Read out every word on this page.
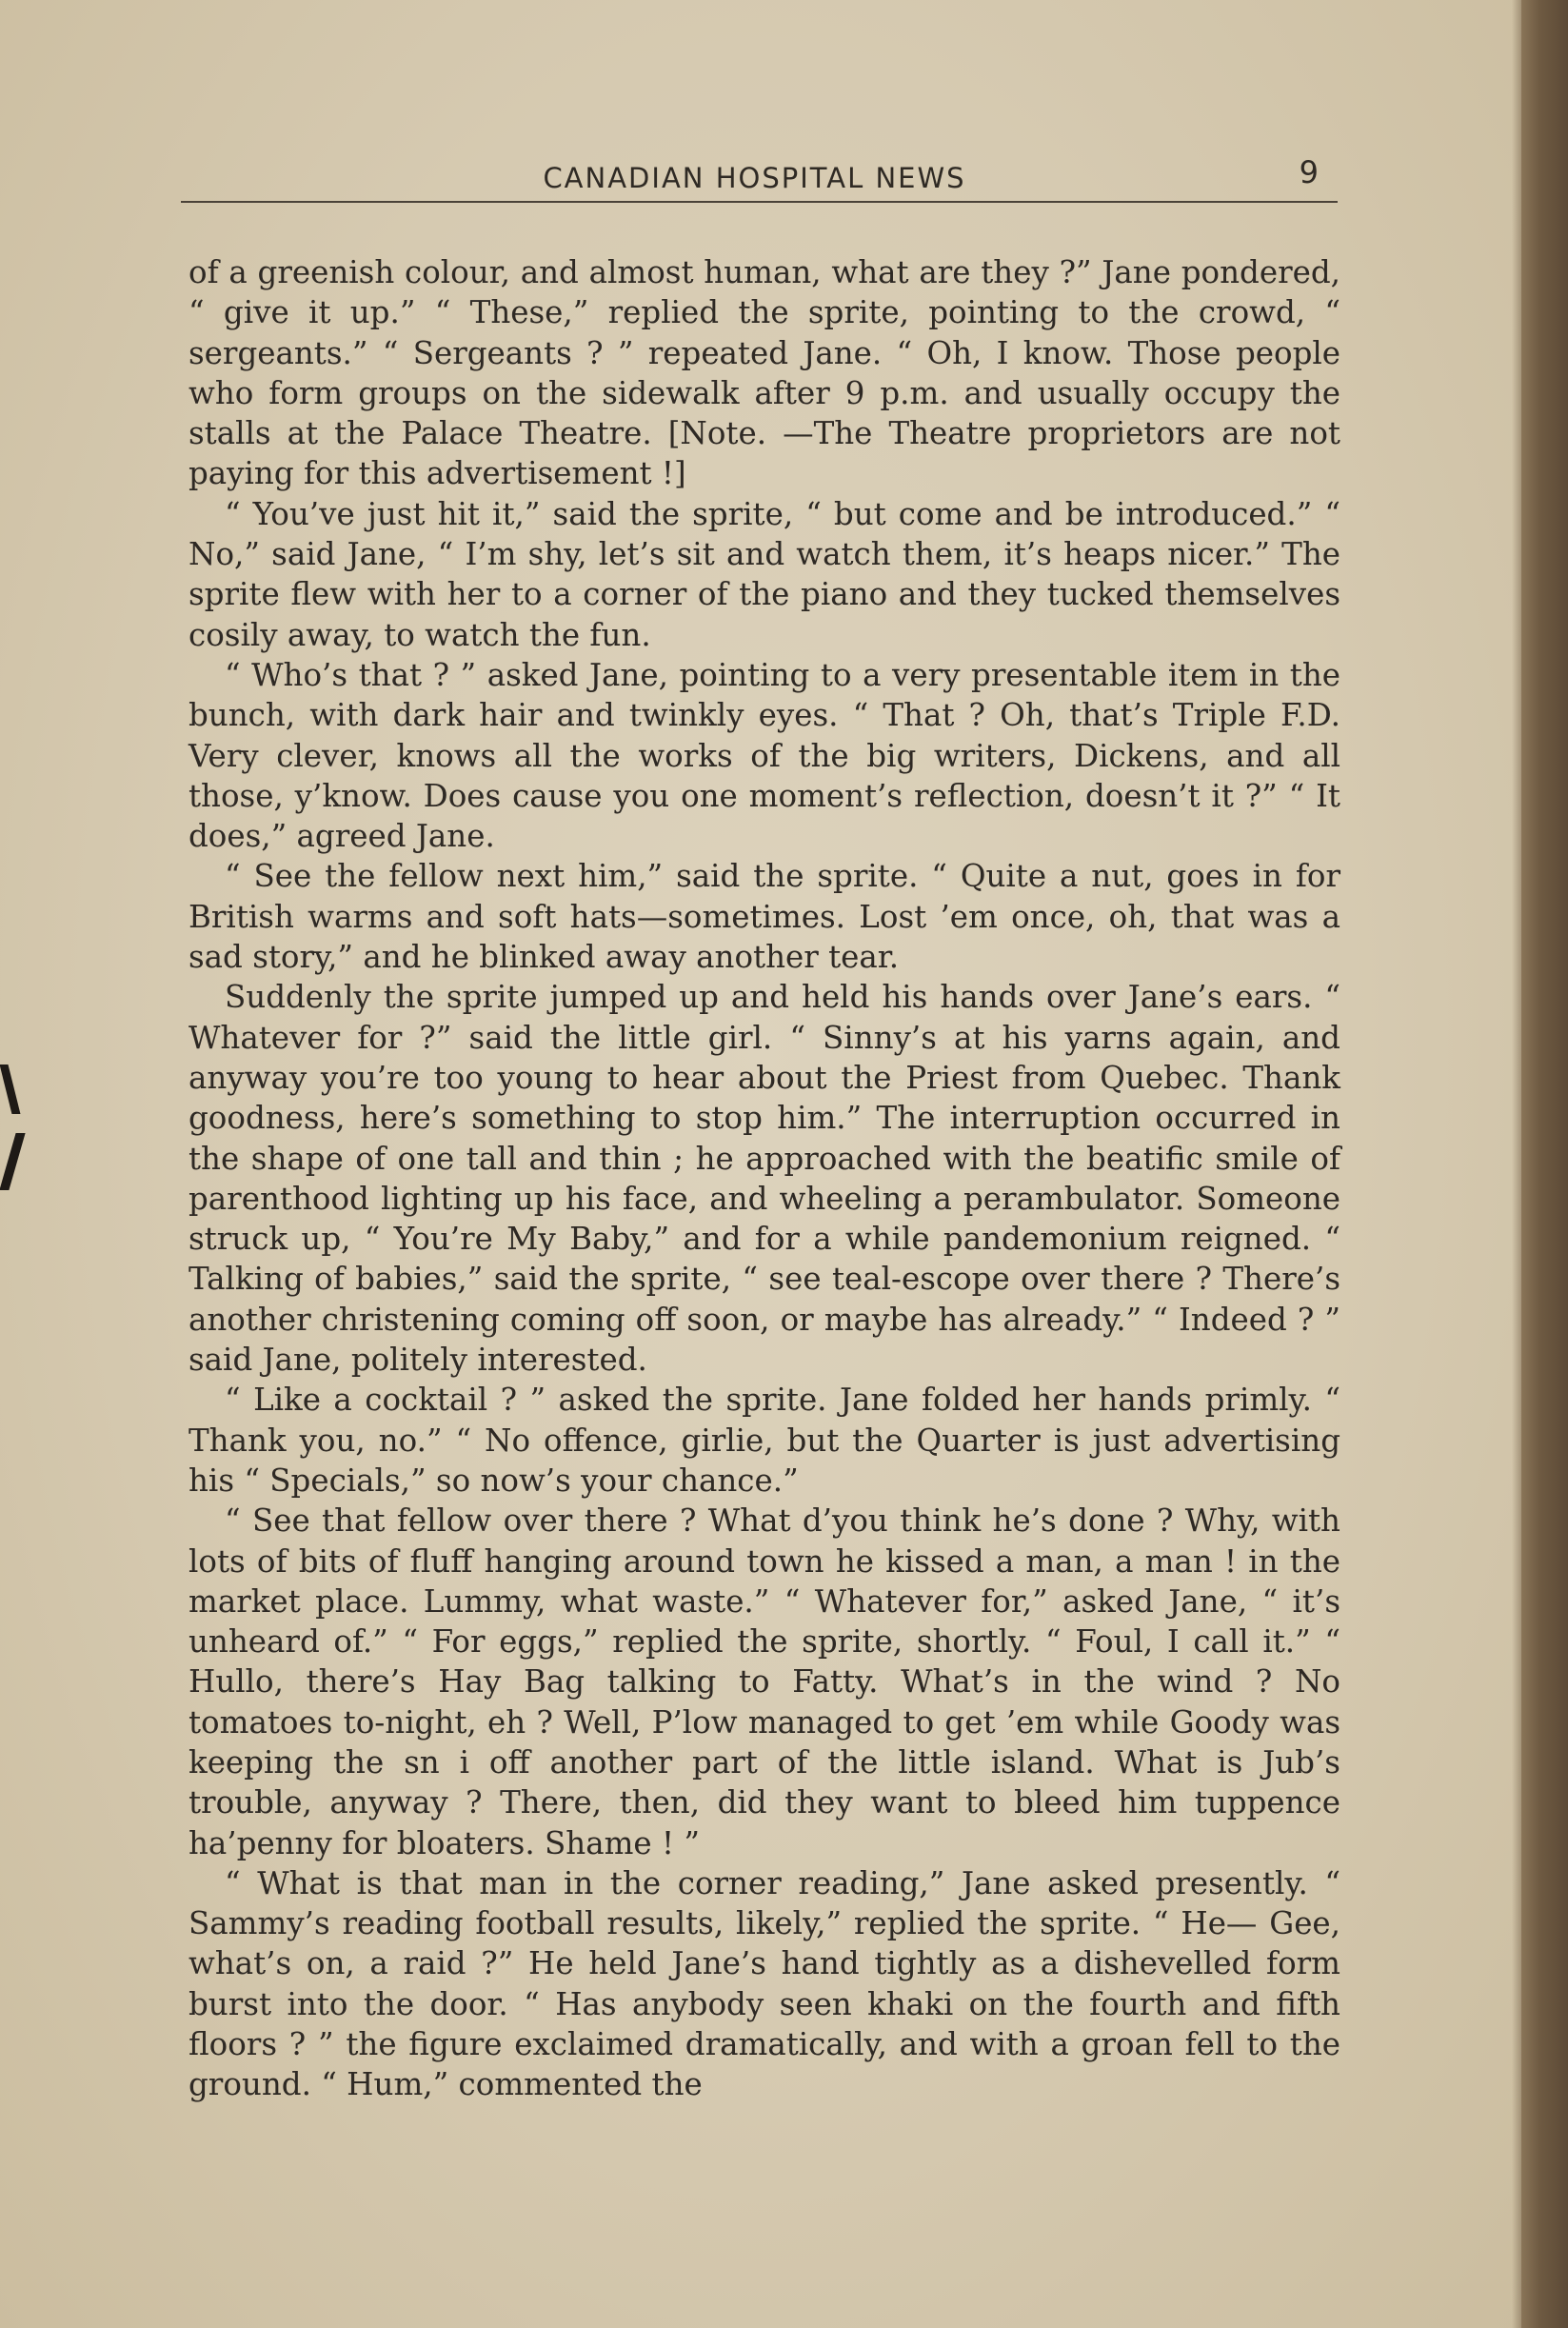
CANADIAN HOSPITAL NEWS	9

of a greenish colour, and almost human, what are they ?” Jane pondered, “ give it up.” “ These,” replied the sprite, pointing to the crowd, “ sergeants.” “ Sergeants ? ” repeated Jane. “ Oh, I know. Those people who form groups on the sidewalk after 9 p.m. and usually occupy the stalls at the Palace Theatre. [Note. —The Theatre proprietors are not paying for this advertisement !]

“ You’ve just hit it,” said the sprite, “ but come and be introduced.” “ No,” said Jane, “ I’m shy, let’s sit and watch them, it’s heaps nicer.” The sprite flew with her to a corner of the piano and they tucked themselves cosily away, to watch the fun.

“ Who’s that ? ” asked Jane, pointing to a very presentable item in the bunch, with dark hair and twinkly eyes. “ That ? Oh, that’s Triple F.D. Very clever, knows all the works of the big writers, Dickens, and all those, y’know. Does cause you one moment’s reflection, doesn’t it ?” “ It does,” agreed Jane.

“ See the fellow next him,” said the sprite. “ Quite a nut, goes in for British warms and soft hats—sometimes. Lost ’em once, oh, that was a sad story,” and he blinked away another tear.

Suddenly the sprite jumped up and held his hands over Jane’s ears. “ Whatever for ?” said the little girl. “ Sinny’s at his yarns again, and anyway you’re too young to hear about the Priest from Quebec. Thank goodness, here’s something to stop him.” The interruption occurred in the shape of one tall and thin ; he approached with the beatific smile of parenthood lighting up his face, and wheeling a perambulator. Someone struck up, “ You’re My Baby,” and for a while pandemonium reigned. “ Talking of babies,” said the sprite, “ see teal-escope over there ? There’s another christening coming off soon, or maybe has already.” “ Indeed ? ” said Jane, politely interested.

“ Like a cocktail ? ” asked the sprite. Jane folded her hands primly. “ Thank you, no.” “ No offence, girlie, but the Quarter is just advertising his “ Specials,” so now’s your chance.”

“ See that fellow over there ? What d’you think he’s done ? Why, with lots of bits of fluff hanging around town he kissed a man, a man ! in the market place. Lummy, what waste.” “ Whatever for,” asked Jane, “ it’s unheard of.” “ For eggs,” replied the sprite, shortly. “ Foul, I call it.” “ Hullo, there’s Hay Bag talking to Fatty. What’s in the wind ? No tomatoes to-night, eh ? Well, P’low managed to get ’em while Goody was keeping the sn i off another part of the little island. What is Jub’s trouble, anyway ? There, then, did they want to bleed him tuppence ha’penny for bloaters. Shame ! ”

“ What is that man in the corner reading,” Jane asked presently. “ Sammy’s reading football results, likely,” replied the sprite. “ He— Gee, what’s on, a raid ?” He held Jane’s hand tightly as a dishevelled form burst into the door. “ Has anybody seen khaki on the fourth and fifth floors ? ” the figure exclaimed dramatically, and with a groan fell to the ground. “ Hum,” commented the
